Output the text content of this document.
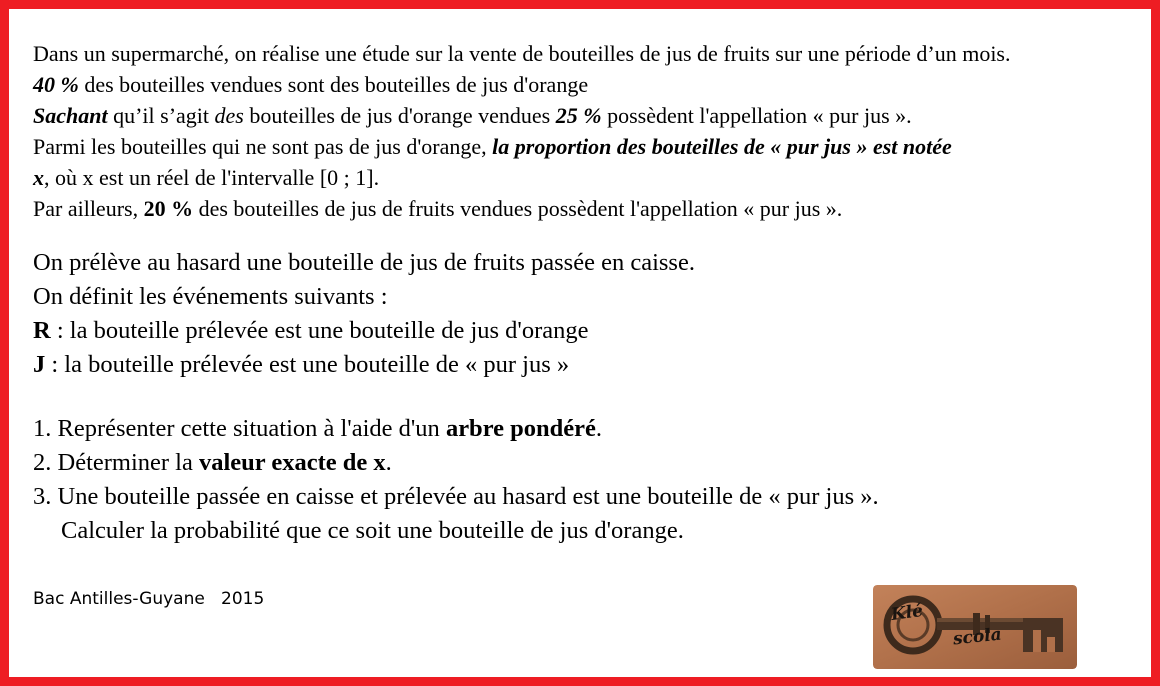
Dans un supermarché, on réalise une étude sur la vente de bouteilles de jus de fruits sur une période d’un mois.
40 % des bouteilles vendues sont des bouteilles de jus d'orange
Sachant qu’il s’agit des bouteilles de jus d'orange vendues 25 % possèdent l'appellation « pur jus ».
Parmi les bouteilles qui ne sont pas de jus d'orange, la proportion des bouteilles de « pur jus » est notée
x, où x est un réel de l'intervalle [0 ; 1].
Par ailleurs, 20 % des bouteilles de jus de fruits vendues possèdent l'appellation « pur jus ».
On prélève au hasard une bouteille de jus de fruits passée en caisse.
On définit les événements suivants :
R : la bouteille prélevée est une bouteille de jus d'orange
J : la bouteille prélevée est une bouteille de « pur jus »
1. Représenter cette situation à l'aide d'un arbre pondéré.
2. Déterminer la valeur exacte de x.
3. Une bouteille passée en caisse et prélevée au hasard est une bouteille de « pur jus ».
Calculer la probabilité que ce soit une bouteille de jus d'orange.
Bac Antilles-Guyane   2015
Klé
scola
